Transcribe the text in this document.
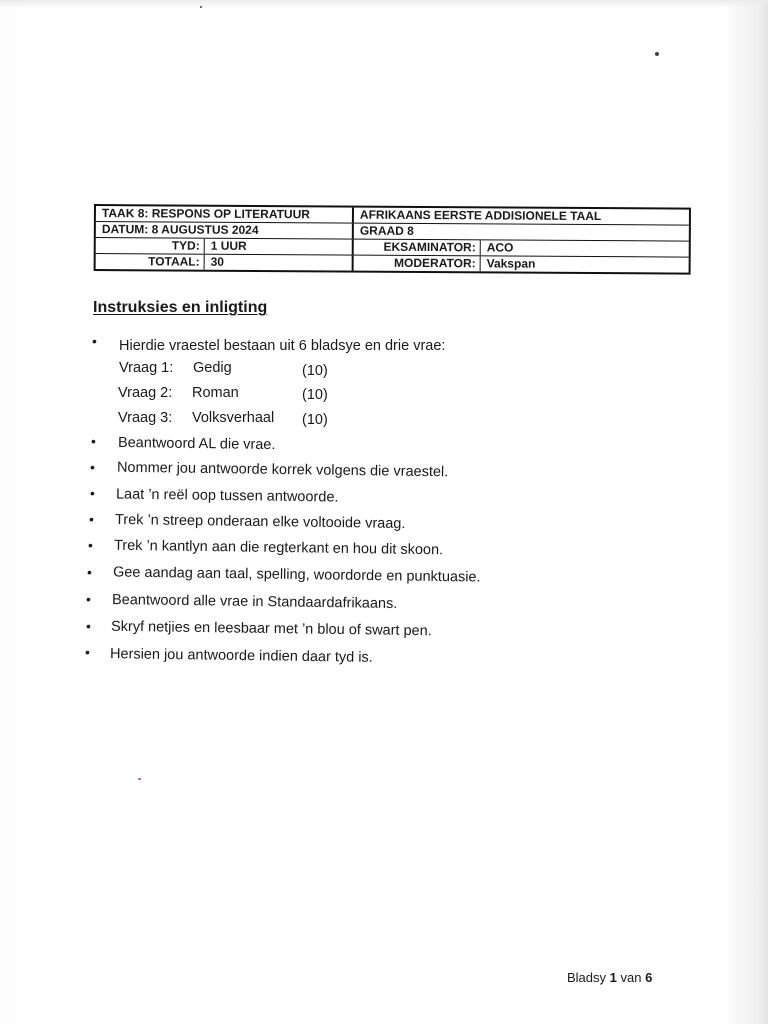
TAAK 8: RESPONS OP LITERATUUR	AFRIKAANS EERSTE ADDISIONELE TAAL
DATUM: 8 AUGUSTUS 2024	GRAAD 8
TYD: 1 UUR	EKSAMINATOR: ACO
TOTAAL: 30	MODERATOR: Vakspan
Instruksies en inligting
• Hierdie vraestel bestaan uit 6 bladsye en drie vrae:
Vraag 1: Gedig	(10)
Vraag 2: Roman	(10)
Vraag 3: Volksverhaal (10)
• Beantwoord AL die vrae.
• Nommer jou antwoorde korrek volgens die vraestel.
• Laat ’n reël oop tussen antwoorde.
• Trek ’n streep onderaan elke voltooide vraag.
• Trek ’n kantlyn aan die regterkant en hou dit skoon.
• Gee aandag aan taal, spelling, woordorde en punktuasie.
• Beantwoord alle vrae in Standaardafrikaans.
• Skryf netjies en leesbaar met ’n blou of swart pen.
• Hersien jou antwoorde indien daar tyd is.
Bladsy 1 van 6
